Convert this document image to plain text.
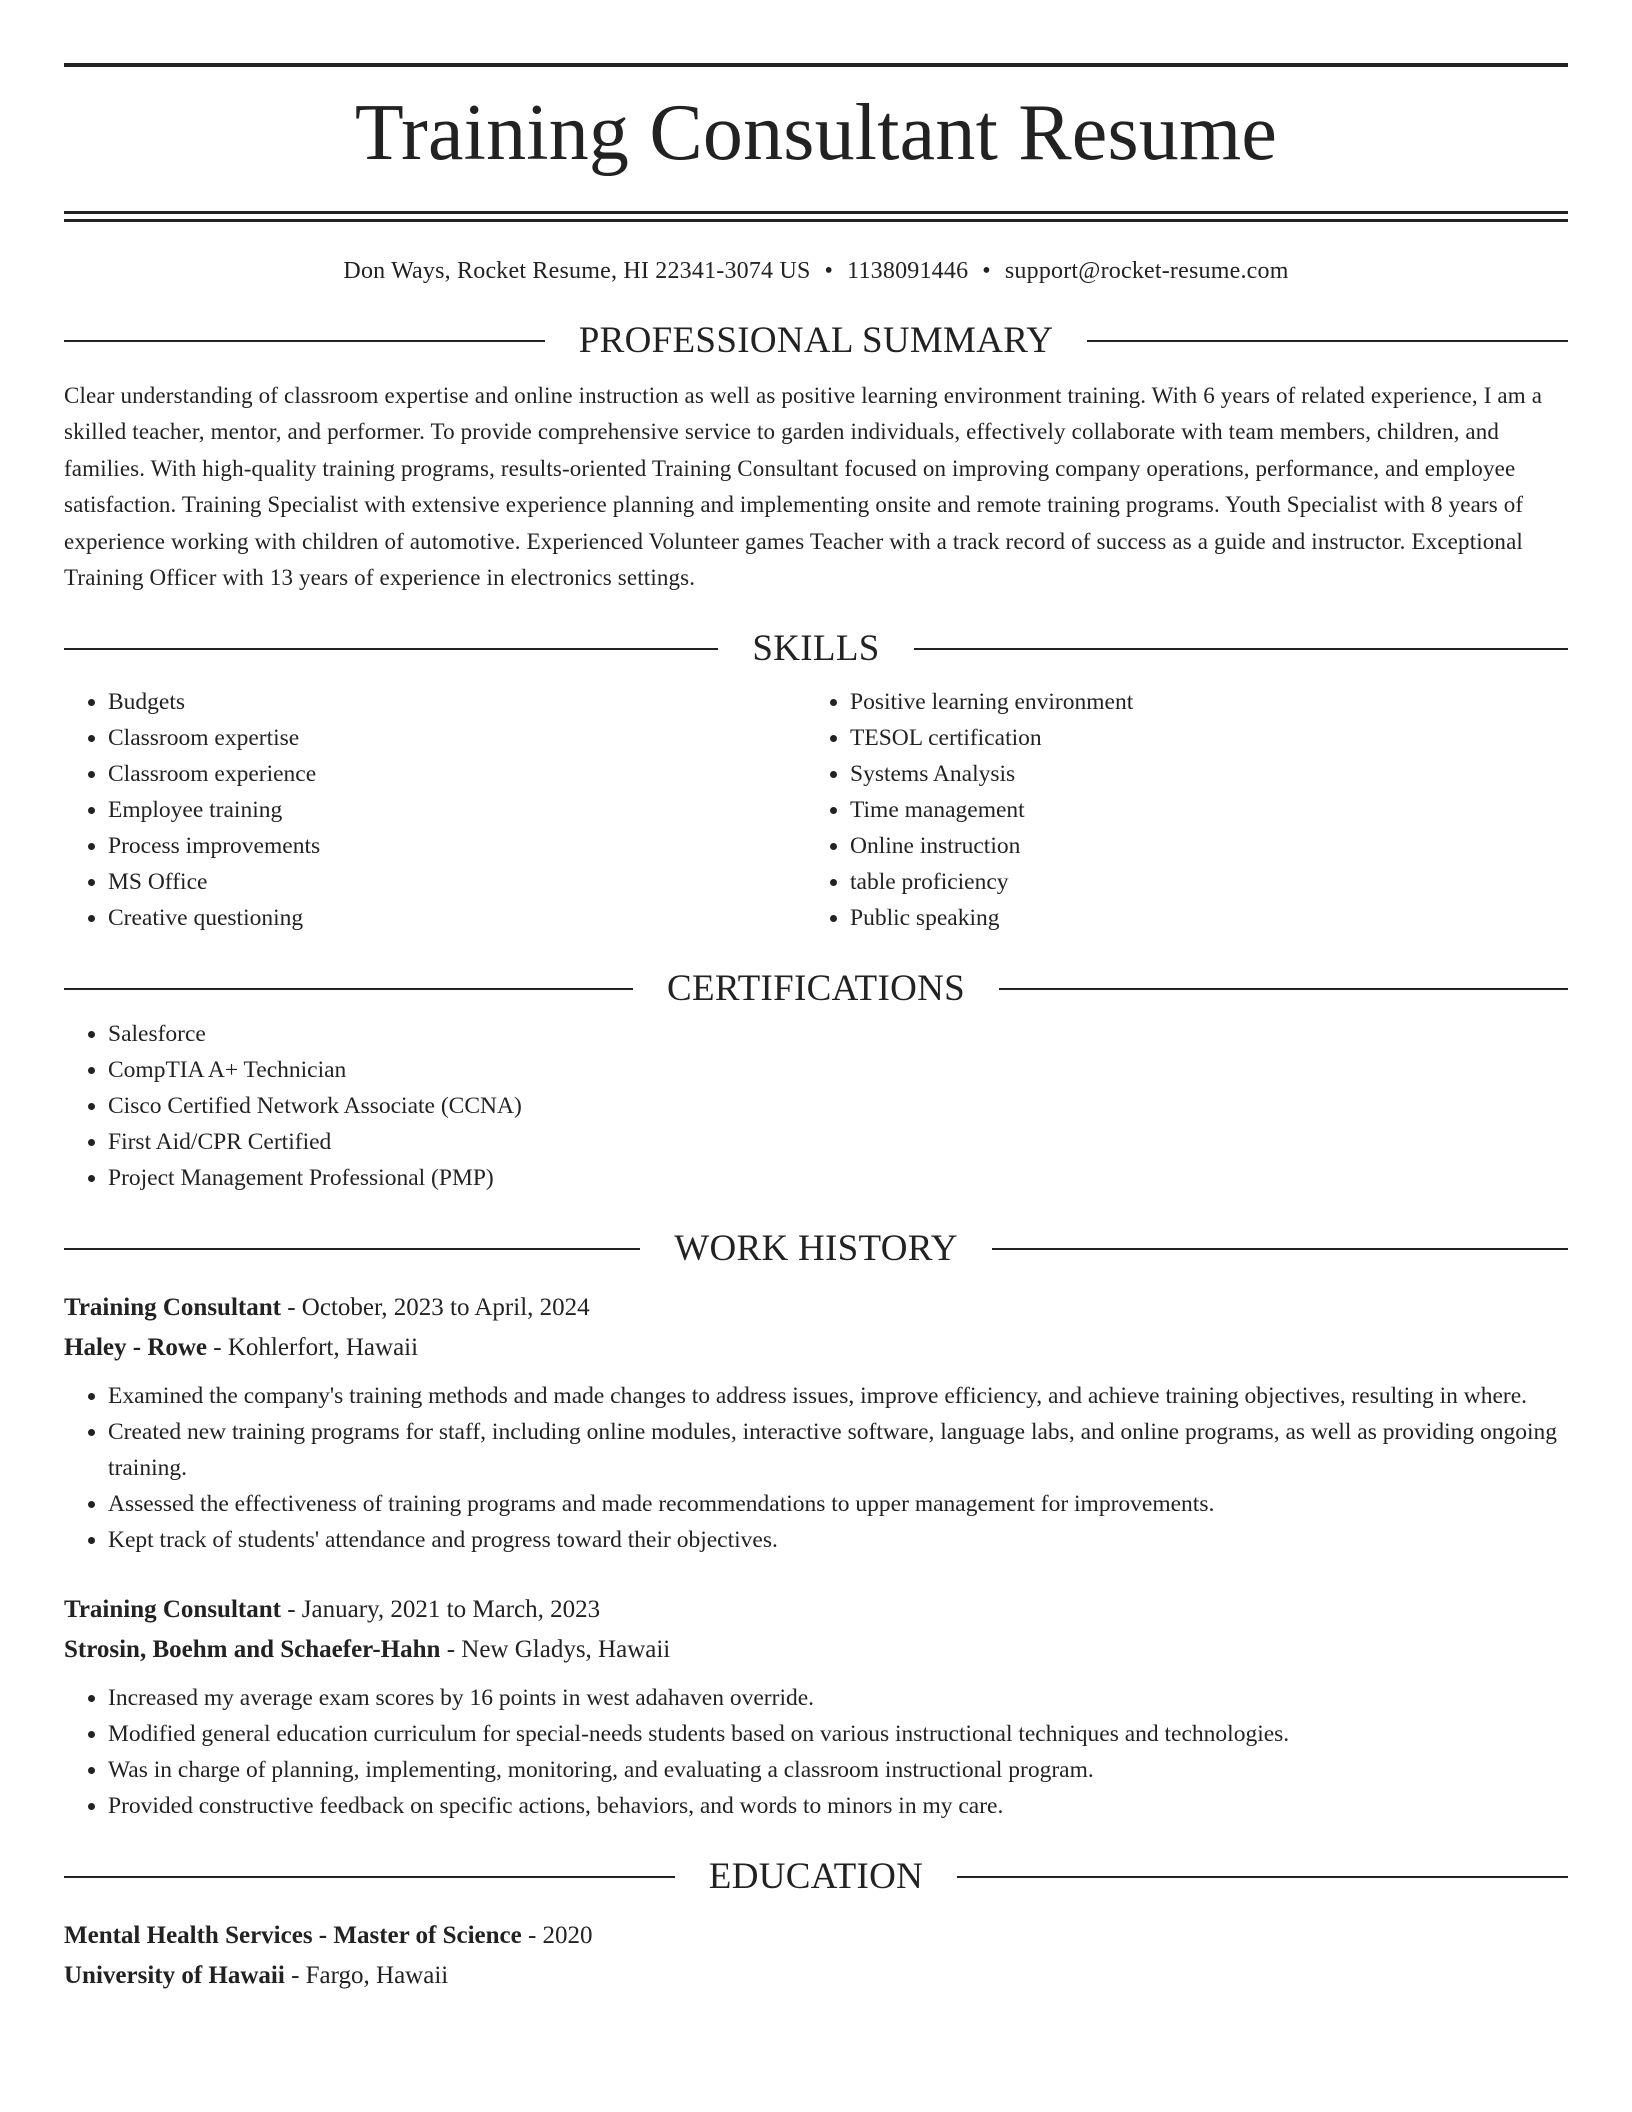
Training Consultant Resume
Don Ways, Rocket Resume, HI 22341-3074 US • 1138091446 • support@rocket-resume.com
PROFESSIONAL SUMMARY
Clear understanding of classroom expertise and online instruction as well as positive learning environment training. With 6 years of related experience, I am a skilled teacher, mentor, and performer. To provide comprehensive service to garden individuals, effectively collaborate with team members, children, and families. With high-quality training programs, results-oriented Training Consultant focused on improving company operations, performance, and employee satisfaction. Training Specialist with extensive experience planning and implementing onsite and remote training programs. Youth Specialist with 8 years of experience working with children of automotive. Experienced Volunteer games Teacher with a track record of success as a guide and instructor. Exceptional Training Officer with 13 years of experience in electronics settings.
SKILLS
• Budgets
• Classroom expertise
• Classroom experience
• Employee training
• Process improvements
• MS Office
• Creative questioning
• Positive learning environment
• TESOL certification
• Systems Analysis
• Time management
• Online instruction
• table proficiency
• Public speaking
CERTIFICATIONS
• Salesforce
• CompTIA A+ Technician
• Cisco Certified Network Associate (CCNA)
• First Aid/CPR Certified
• Project Management Professional (PMP)
WORK HISTORY
Training Consultant - October, 2023 to April, 2024
Haley - Rowe - Kohlerfort, Hawaii
• Examined the company's training methods and made changes to address issues, improve efficiency, and achieve training objectives, resulting in where.
• Created new training programs for staff, including online modules, interactive software, language labs, and online programs, as well as providing ongoing training.
• Assessed the effectiveness of training programs and made recommendations to upper management for improvements.
• Kept track of students' attendance and progress toward their objectives.
Training Consultant - January, 2021 to March, 2023
Strosin, Boehm and Schaefer-Hahn - New Gladys, Hawaii
• Increased my average exam scores by 16 points in west adahaven override.
• Modified general education curriculum for special-needs students based on various instructional techniques and technologies.
• Was in charge of planning, implementing, monitoring, and evaluating a classroom instructional program.
• Provided constructive feedback on specific actions, behaviors, and words to minors in my care.
EDUCATION
Mental Health Services - Master of Science - 2020
University of Hawaii - Fargo, Hawaii
